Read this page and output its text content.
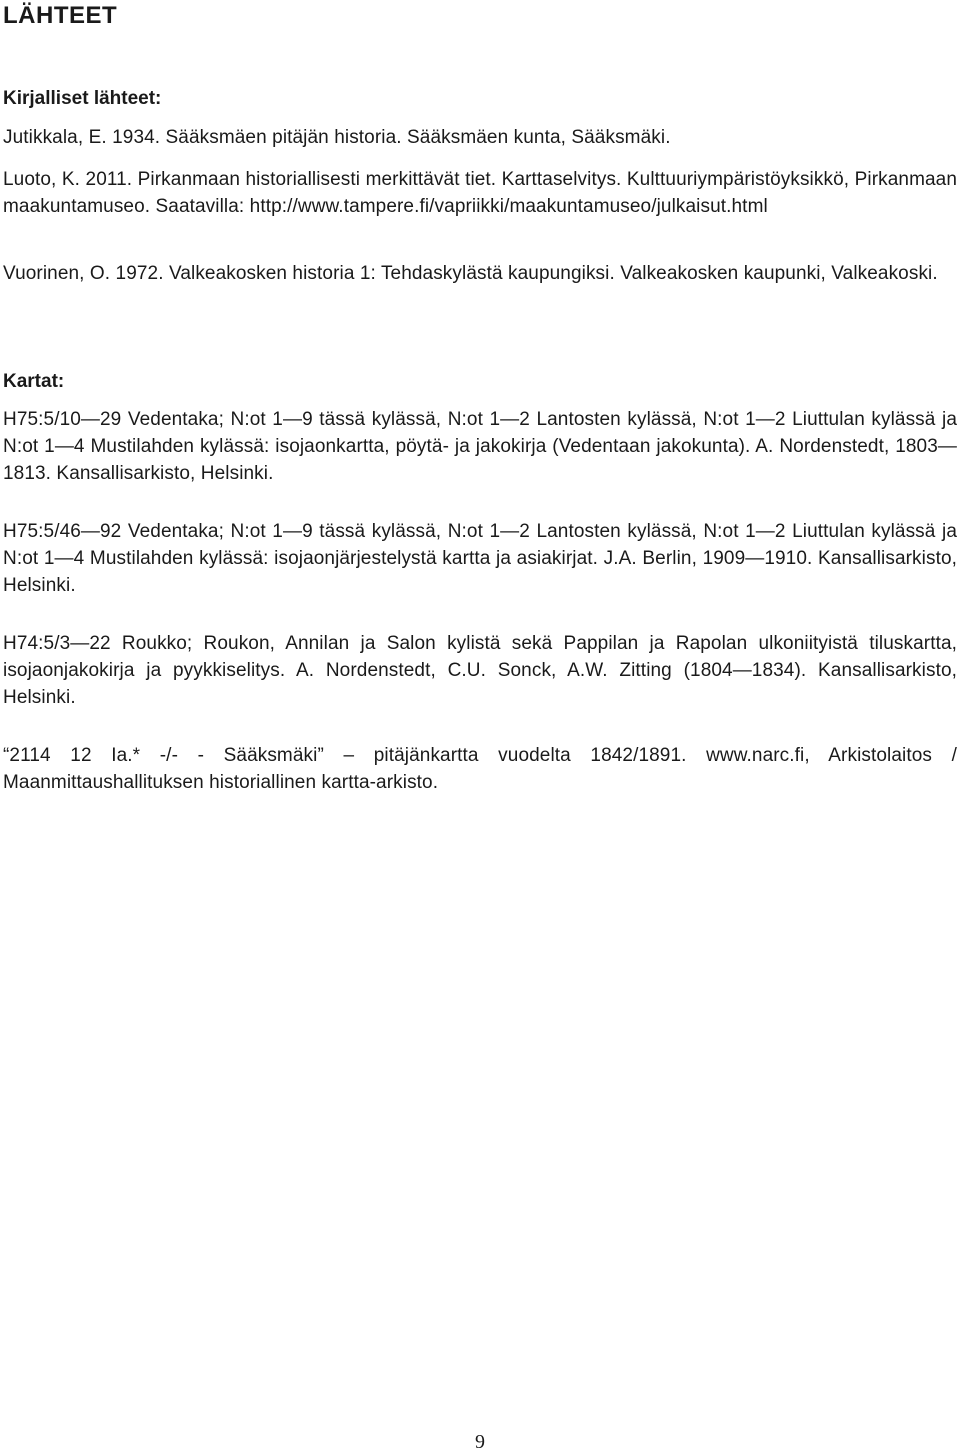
LÄHTEET
Kirjalliset lähteet:

Jutikkala, E. 1934. Sääksmäen pitäjän historia. Sääksmäen kunta, Sääksmäki.

Luoto, K. 2011. Pirkanmaan historiallisesti merkittävät tiet. Karttaselvitys. Kulttuuriympäristöyksikkö, Pirkanmaan maakuntamuseo. Saatavilla: http://www.tampere.fi/vapriikki/maakuntamuseo/julkaisut.html

Vuorinen, O. 1972. Valkeakosken historia 1: Tehdaskylästä kaupungiksi. Valkeakosken kaupunki, Valkeakoski.

Kartat:

H75:5/10—29 Vedentaka; N:ot 1—9 tässä kylässä, N:ot 1—2 Lantosten kylässä, N:ot 1—2 Liuttulan kylässä ja N:ot 1—4 Mustilahden kylässä: isojaonkartta, pöytä- ja jakokirja (Vedentaan jakokunta). A. Nordenstedt, 1803—1813. Kansallisarkisto, Helsinki.

H75:5/46—92 Vedentaka; N:ot 1—9 tässä kylässä, N:ot 1—2 Lantosten kylässä, N:ot 1—2 Liuttulan kylässä ja N:ot 1—4 Mustilahden kylässä: isojaonjärjestelystä kartta ja asiakirjat. J.A. Berlin, 1909—1910. Kansallisarkisto, Helsinki.

H74:5/3—22 Roukko; Roukon, Annilan ja Salon kylistä sekä Pappilan ja Rapolan ulkoniityistä tiluskartta, isojaonjakokirja ja pyykkiselitys. A. Nordenstedt, C.U. Sonck, A.W. Zitting (1804—1834). Kansallisarkisto, Helsinki.

“2114 12 Ia.* -/- - Sääksmäki” – pitäjänkartta vuodelta 1842/1891. www.narc.fi, Arkistolaitos / Maanmittaushallituksen historiallinen kartta-arkisto.

9
